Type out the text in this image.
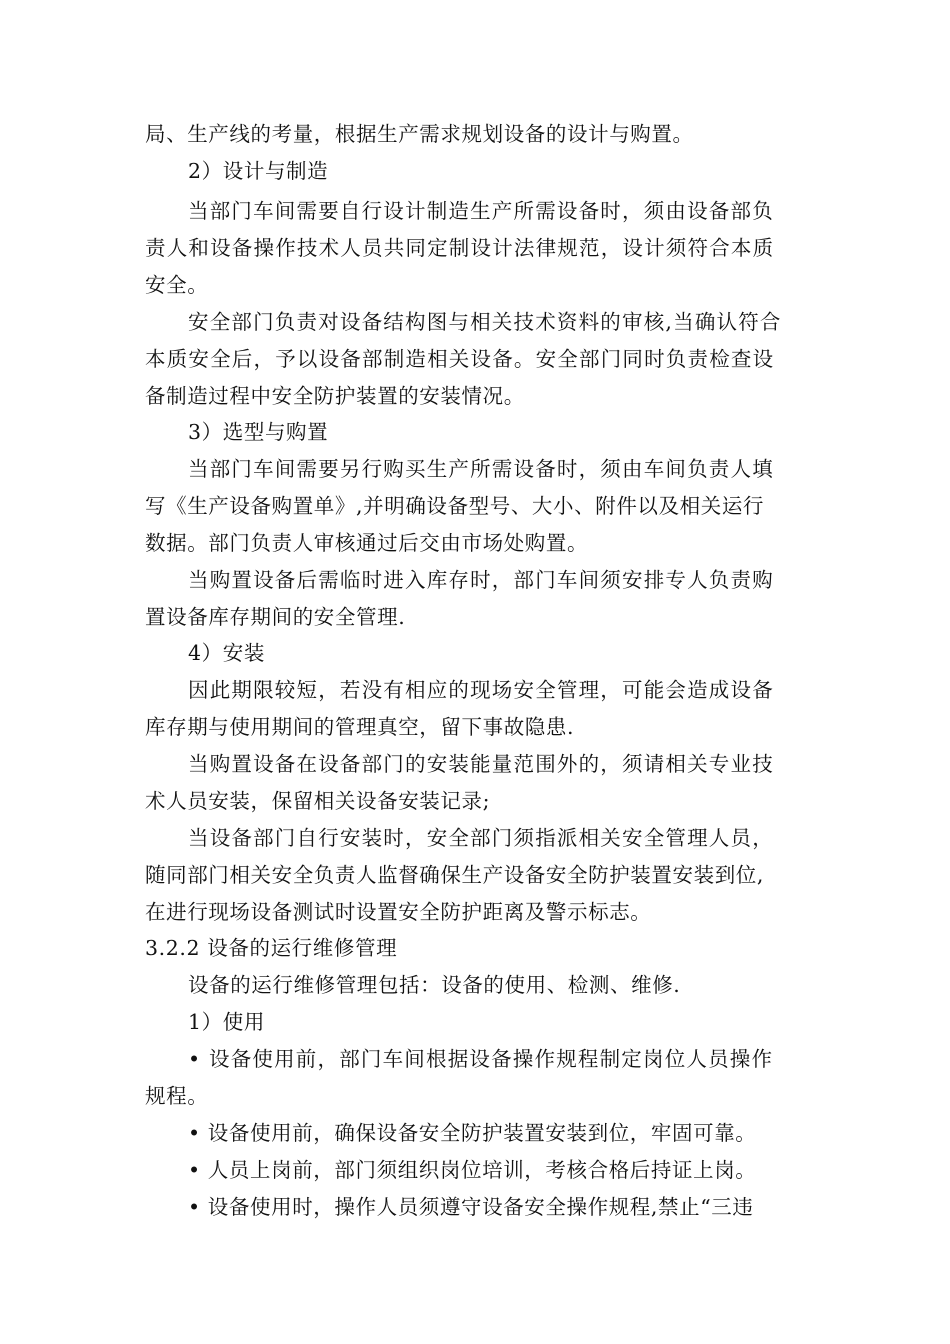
局、生产线的考量，根据生产需求规划设备的设计与购置。
2）设计与制造
当部门车间需要自行设计制造生产所需设备时，须由设备部负
责人和设备操作技术人员共同定制设计法律规范，设计须符合本质
安全。
安全部门负责对设备结构图与相关技术资料的审核,当确认符合
本质安全后，予以设备部制造相关设备。安全部门同时负责检查设
备制造过程中安全防护装置的安装情况。
3）选型与购置
当部门车间需要另行购买生产所需设备时，须由车间负责人填
写《生产设备购置单》,并明确设备型号、大小、附件以及相关运行
数据。部门负责人审核通过后交由市场处购置。
当购置设备后需临时进入库存时，部门车间须安排专人负责购
置设备库存期间的安全管理.
4）安装
因此期限较短，若没有相应的现场安全管理，可能会造成设备
库存期与使用期间的管理真空，留下事故隐患.
当购置设备在设备部门的安装能量范围外的，须请相关专业技
术人员安装，保留相关设备安装记录;
当设备部门自行安装时，安全部门须指派相关安全管理人员，
随同部门相关安全负责人监督确保生产设备安全防护装置安装到位,
在进行现场设备测试时设置安全防护距离及警示标志。
3.2.2 设备的运行维修管理
设备的运行维修管理包括：设备的使用、检测、维修.
1）使用
• 设备使用前，部门车间根据设备操作规程制定岗位人员操作
规程。
• 设备使用前，确保设备安全防护装置安装到位，牢固可靠。
• 人员上岗前，部门须组织岗位培训，考核合格后持证上岗。
• 设备使用时，操作人员须遵守设备安全操作规程,禁止“三违
